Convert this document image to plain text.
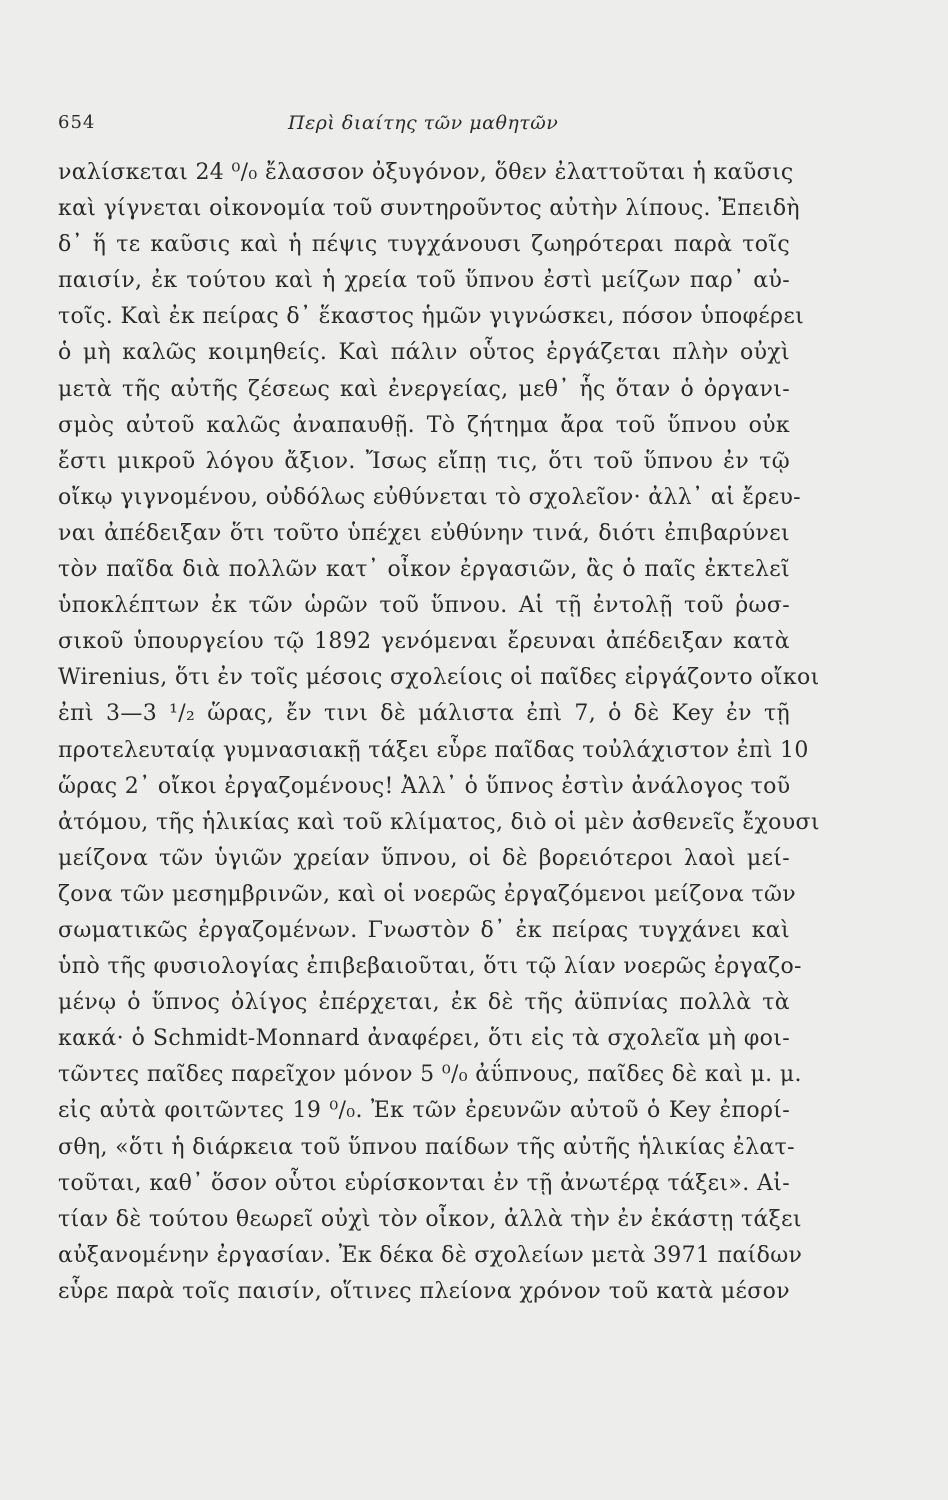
654	Περὶ διαίτης τῶν μαθητῶν
ναλίσκεται 24 ⁰/₀ ἔλασσον ὀξυγόνον, ὅθεν ἐλαττοῦται ἡ καῦσις
καὶ γίγνεται οἰκονομία τοῦ συντηροῦντος αὐτὴν λίπους. Ἐπειδὴ
δ᾽ ἥ τε καῦσις καὶ ἡ πέψις τυγχάνουσι ζωηρότεραι παρὰ τοῖς
παισίν, ἐκ τούτου καὶ ἡ χρεία τοῦ ὕπνου ἐστὶ μείζων παρ᾽ αὐ-
τοῖς. Καὶ ἐκ πείρας δ᾽ ἕκαστος ἡμῶν γιγνώσκει, πόσον ὑποφέρει
ὁ μὴ καλῶς κοιμηθείς. Καὶ πάλιν οὗτος ἐργάζεται πλὴν οὐχὶ
μετὰ τῆς αὐτῆς ζέσεως καὶ ἐνεργείας, μεθ᾽ ἧς ὅταν ὁ ὀργανι-
σμὸς αὐτοῦ καλῶς ἀναπαυθῇ. Τὸ ζήτημα ἄρα τοῦ ὕπνου οὐκ
ἔστι μικροῦ λόγου ἄξιον. Ἴσως εἴπῃ τις, ὅτι τοῦ ὕπνου ἐν τῷ
οἴκῳ γιγνομένου, οὐδόλως εὐθύνεται τὸ σχολεῖον· ἀλλ᾽ αἱ ἔρευ-
ναι ἀπέδειξαν ὅτι τοῦτο ὑπέχει εὐθύνην τινά, διότι ἐπιβαρύνει
τὸν παῖδα διὰ πολλῶν κατ᾽ οἶκον ἐργασιῶν, ἃς ὁ παῖς ἐκτελεῖ
ὑποκλέπτων ἐκ τῶν ὡρῶν τοῦ ὕπνου. Αἱ τῇ ἐντολῇ τοῦ ῥωσ-
σικοῦ ὑπουργείου τῷ 1892 γενόμεναι ἔρευναι ἀπέδειξαν κατὰ
Wirenius, ὅτι ἐν τοῖς μέσοις σχολείοις οἱ παῖδες εἰργάζοντο οἴκοι
ἐπὶ 3—3 ¹/₂ ὥρας, ἔν τινι δὲ μάλιστα ἐπὶ 7, ὁ δὲ Key ἐν τῇ
προτελευταίᾳ γυμνασιακῇ τάξει εὗρε παῖδας τοὐλάχιστον ἐπὶ 10
ὥρας 2᾽ οἴκοι ἐργαζομένους! Ἀλλ᾽ ὁ ὕπνος ἐστὶν ἀνάλογος τοῦ
ἀτόμου, τῆς ἡλικίας καὶ τοῦ κλίματος, διὸ οἱ μὲν ἀσθενεῖς ἔχουσι
μείζονα τῶν ὑγιῶν χρείαν ὕπνου, οἱ δὲ βορειότεροι λαοὶ μεί-
ζονα τῶν μεσημβρινῶν, καὶ οἱ νοερῶς ἐργαζόμενοι μείζονα τῶν
σωματικῶς ἐργαζομένων. Γνωστὸν δ᾽ ἐκ πείρας τυγχάνει καὶ
ὑπὸ τῆς φυσιολογίας ἐπιβεβαιοῦται, ὅτι τῷ λίαν νοερῶς ἐργαζο-
μένῳ ὁ ὕπνος ὀλίγος ἐπέρχεται, ἐκ δὲ τῆς ἀϋπνίας πολλὰ τὰ
κακά· ὁ Schmidt-Monnard ἀναφέρει, ὅτι εἰς τὰ σχολεῖα μὴ φοι-
τῶντες παῖδες παρεῖχον μόνον 5 ⁰/₀ ἀΰπνους, παῖδες δὲ καὶ μ. μ.
εἰς αὐτὰ φοιτῶντες 19 ⁰/₀. Ἐκ τῶν ἐρευνῶν αὐτοῦ ὁ Key ἐπορί-
σθη, «ὅτι ἡ διάρκεια τοῦ ὕπνου παίδων τῆς αὐτῆς ἡλικίας ἐλατ-
τοῦται, καθ᾽ ὅσον οὗτοι εὑρίσκονται ἐν τῇ ἀνωτέρᾳ τάξει». Αἰ-
τίαν δὲ τούτου θεωρεῖ οὐχὶ τὸν οἶκον, ἀλλὰ τὴν ἐν ἑκάστῃ τάξει
αὐξανομένην ἐργασίαν. Ἐκ δέκα δὲ σχολείων μετὰ 3971 παίδων
εὗρε παρὰ τοῖς παισίν, οἵτινες πλείονα χρόνον τοῦ κατὰ μέσον
